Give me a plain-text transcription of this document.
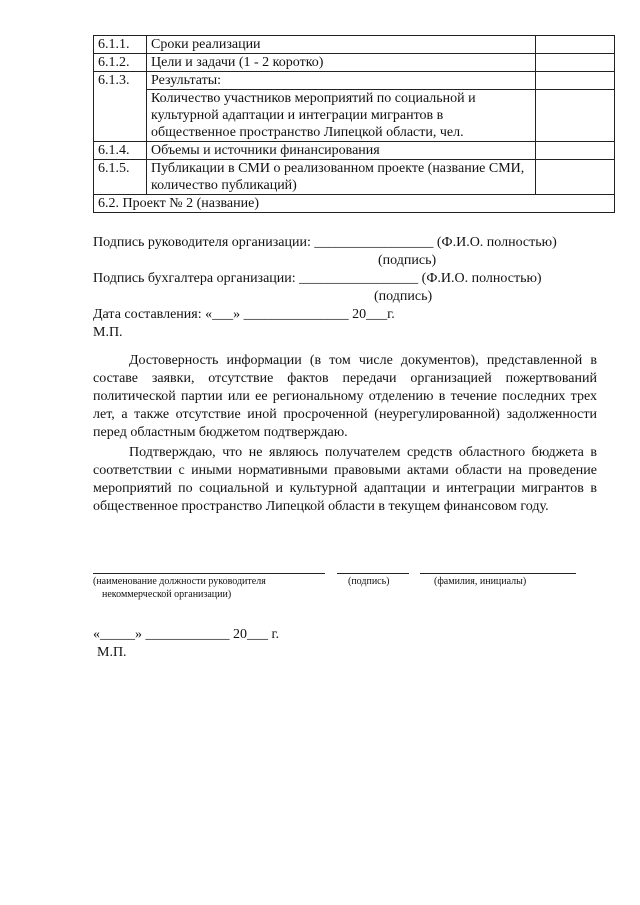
6.1.1.	Сроки реализации	
6.1.2.	Цели и задачи (1 - 2 коротко)	
6.1.3.	Результаты:	
	Количество участников мероприятий по социальной и культурной адаптации и интеграции мигрантов в общественное пространство Липецкой области, чел.	
6.1.4.	Объемы и источники финансирования	
6.1.5.	Публикации в СМИ о реализованном проекте (название СМИ, количество публикаций)	
6.2. Проект № 2 (название)		
Подпись руководителя организации: _________________ (Ф.И.О. полностью)
(подпись)
Подпись бухгалтера организации: _________________ (Ф.И.О. полностью)
(подпись)
Дата составления: «___» _______________ 20___г.
М.П.
Достоверность информации (в том числе документов), представленной в составе заявки, отсутствие фактов передачи организацией пожертвований политической партии или ее региональному отделению в течение последних трех лет, а также отсутствие иной просроченной (неурегулированной) задолженности перед областным бюджетом подтверждаю.
Подтверждаю, что не являюсь получателем средств областного бюджета в соответствии с иными нормативными правовыми актами области на проведение мероприятий по социальной и культурной адаптации и интеграции мигрантов в общественное пространство Липецкой области в текущем финансовом году.
(наименование должности руководителя
некоммерческой организации)
(подпись)	(фамилия, инициалы)
«_____» ____________ 20___ г.
М.П.
